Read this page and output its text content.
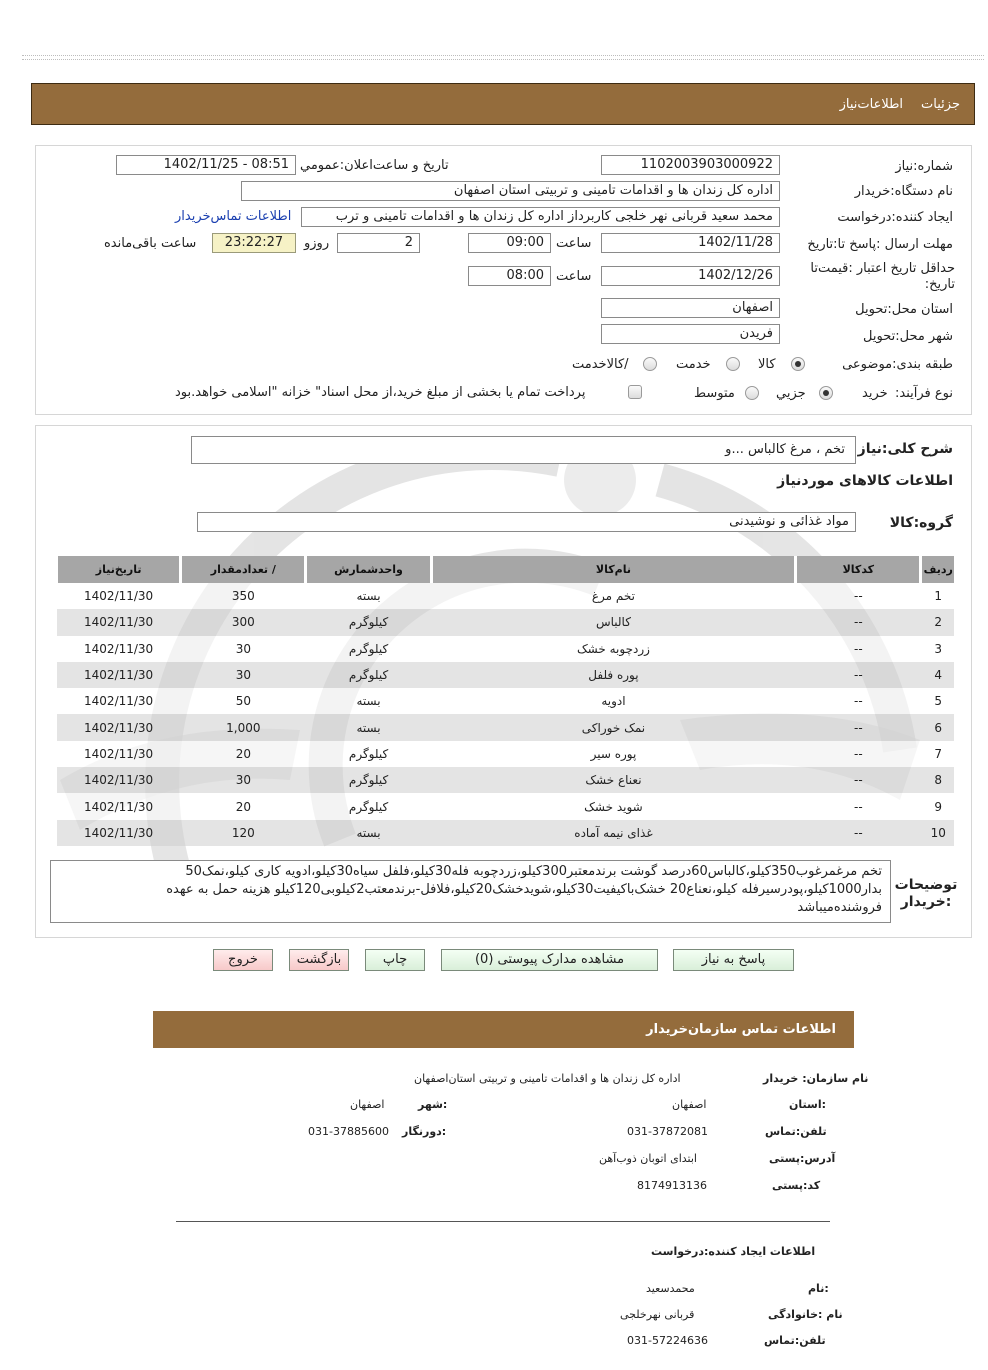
جزئیات
اطلاعات‌نیاز
شماره:نیاز
1102003903000922
تاریخ و ساعت‌اعلان:عمومي
1402/11/25 - 08:51
نام دستگاه:خریدار
اداره کل زندان ها و اقدامات تامینی و تربیتی استان اصفهان
ایجاد کننده:درخواست
محمد سعید قربانی نهر خلجی کاربرداز اداره کل زندان ها و اقدامات تامینی و ترب
اطلاعات تماس‌خریدار
مهلت ارسال :پاسخ تا:تاریخ
1402/11/28
ساعت
09:00
2
روزو
23:22:27
ساعت باقی‌مانده
حداقل تاریخ اعتبار :قیمت‌تا تاریخ:
1402/12/26
ساعت
08:00
استان محل:تحویل
اصفهان
شهر محل:تحویل
فریدن
طبقه بندی:موضوعی
کالا
خدمت
/کالاخدمت
نوع فرآیند:
خرید
جزیي
متوسط
پرداخت تمام یا بخشی از مبلغ خرید،از محل اسناد" خزانه "اسلامی خواهد.بود
شرح کلی:نیاز
تخم ، مرغ کالباس ...و
اطلاعات کالاهای مورد‌نیاز
گروه:کالا
مواد غذائی و نوشیدنی
ردیف	کدکالا	نام‌کالا	واحد‌شمارش	/ تعداد‌مقدار	تاریخ‌نیاز
1	--	تخم مرغ	بسته	350	1402/11/30
2	--	کالباس	کیلوگرم	300	1402/11/30
3	--	زردچوبه خشک	کیلوگرم	30	1402/11/30
4	--	پوره فلفل	کیلوگرم	30	1402/11/30
5	--	ادویه	بسته	50	1402/11/30
6	--	نمک خوراکی	بسته	1,000	1402/11/30
7	--	پوره سیر	کیلوگرم	20	1402/11/30
8	--	نعناع خشک	کیلوگرم	30	1402/11/30
9	--	شوید خشک	کیلوگرم	20	1402/11/30
10	--	غذای نیمه آماده	بسته	120	1402/11/30
توضیحات :خریدار
تخم مرغمرغوب350کیلو،کالباس60درصد گوشت برندمعتبر300کیلو،زردچوبه فله30کیلو،فلفل سیاه30کیلو،ادویه کاری کیلو،نمک50
بدار1000کیلو،پودرسیرفله کیلو،نعناع20 خشک‌باکیفیت30کیلو،شویدخشک20کیلو،فلافل-برندمعتب2کیلوبی120کیلو هزینه حمل به عهده
فروشنده‌میباشد
پاسخ به نیاز
مشاهده مدارک پیوستی (0)
چاپ
بازگشت
خروج
اطلاعات تماس سازمان‌خریدار
نام سازمان: خریدار
اداره کل زندان ها و اقدامات تامینی و تربیتی استان‌اصفهان
:استان
اصفهان
:شهر
اصفهان
تلفن:تماس
031-37872081
:دورنگار
031-37885600
آدرس:پستی
ابتدای اتوبان ذوب‌آهن
کد:پستی
8174913136
اطلاعات ایجاد کننده:درخواست
:نام
محمدسعید
نام :خانوادگی
قربانی نهرخلجی
تلفن:تماس
031-57224636
